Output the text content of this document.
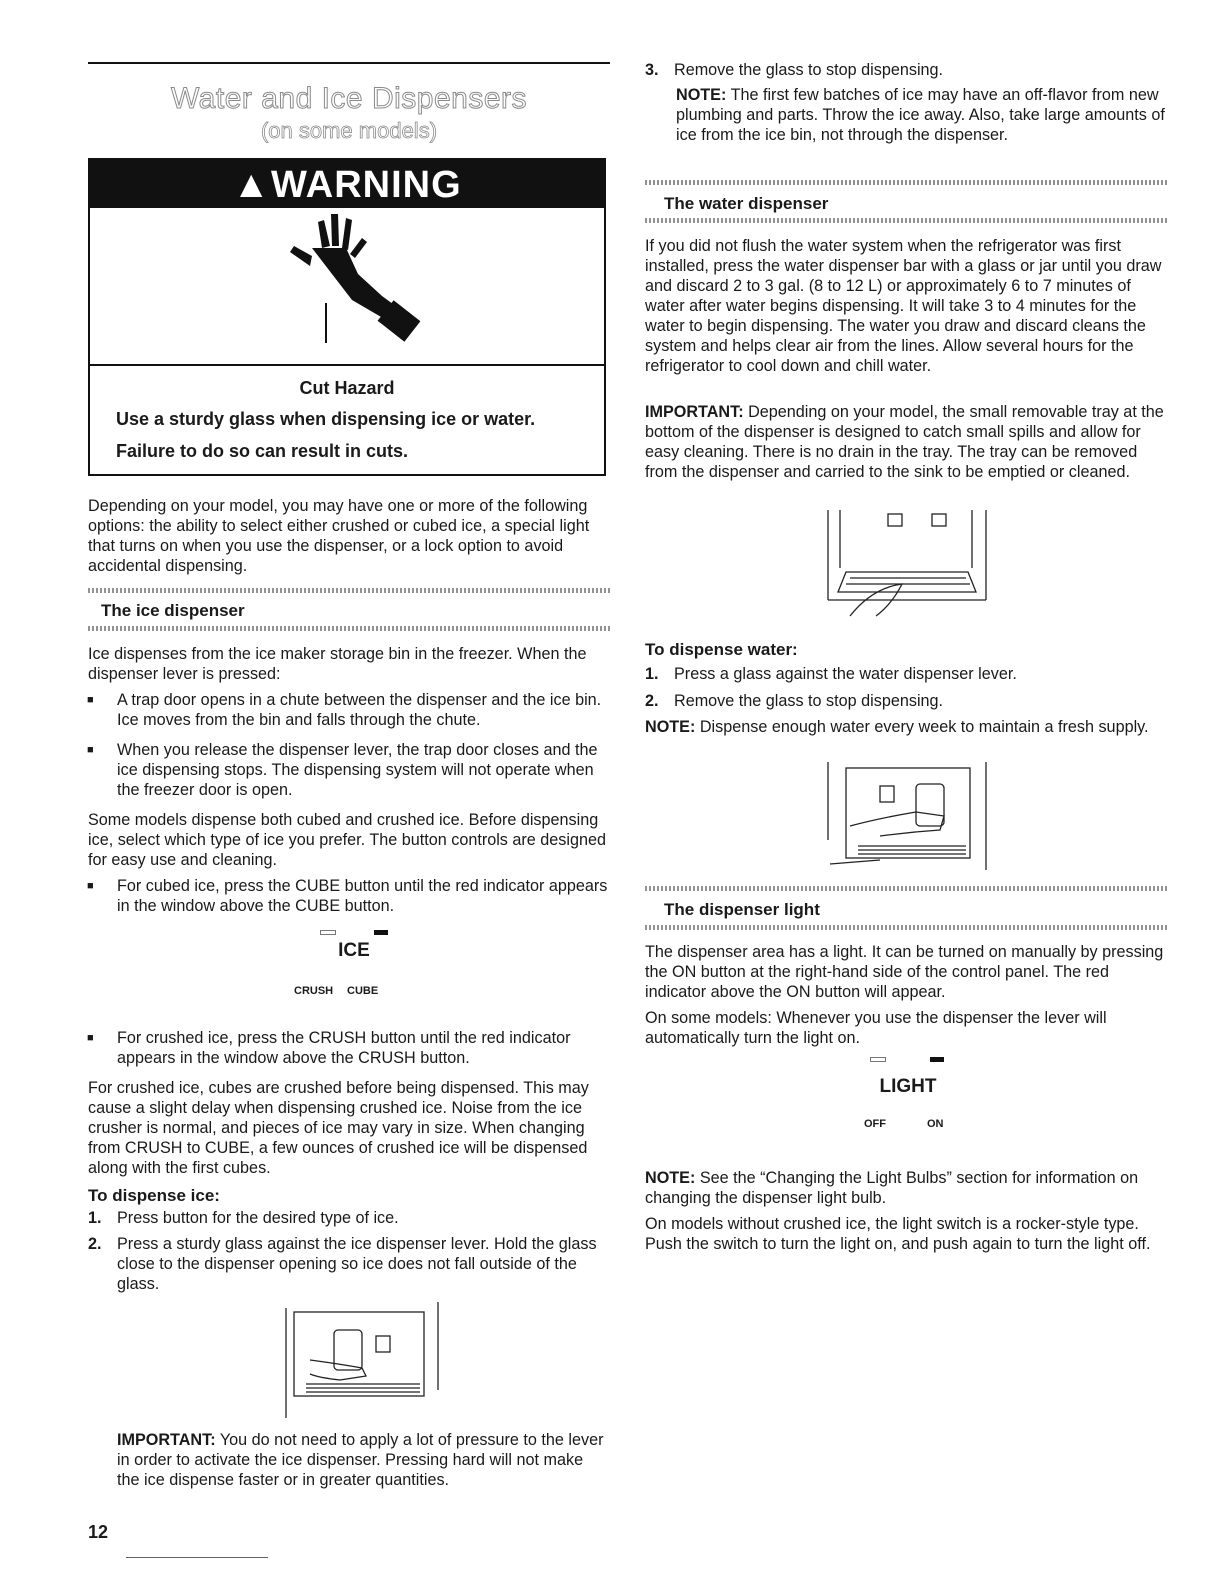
Water and Ice Dispensers
(on some models)
▲WARNING
Cut Hazard
Use a sturdy glass when dispensing ice or water.
Failure to do so can result in cuts.

Depending on your model, you may have one or more of the following options: the ability to select either crushed or cubed ice, a special light that turns on when you use the dispenser, or a lock option to avoid accidental dispensing.

The ice dispenser

Ice dispenses from the ice maker storage bin in the freezer. When the dispenser lever is pressed:

■ A trap door opens in a chute between the dispenser and the ice bin. Ice moves from the bin and falls through the chute.
■ When you release the dispenser lever, the trap door closes and the ice dispensing stops. The dispensing system will not operate when the freezer door is open.

Some models dispense both cubed and crushed ice. Before dispensing ice, select which type of ice you prefer. The button controls are designed for easy use and cleaning.

■ For cubed ice, press the CUBE button until the red indicator appears in the window above the CUBE button.
ICE
CRUSH CUBE
■ For crushed ice, press the CRUSH button until the red indicator appears in the window above the CRUSH button.

For crushed ice, cubes are crushed before being dispensed. This may cause a slight delay when dispensing crushed ice. Noise from the ice crusher is normal, and pieces of ice may vary in size. When changing from CRUSH to CUBE, a few ounces of crushed ice will be dispensed along with the first cubes.

To dispense ice:
1. Press button for the desired type of ice.
2. Press a sturdy glass against the ice dispenser lever. Hold the glass close to the dispenser opening so ice does not fall outside of the glass.

IMPORTANT: You do not need to apply a lot of pressure to the lever in order to activate the ice dispenser. Pressing hard will not make the ice dispense faster or in greater quantities.

3. Remove the glass to stop dispensing.

NOTE: The first few batches of ice may have an off-flavor from new plumbing and parts. Throw the ice away. Also, take large amounts of ice from the ice bin, not through the dispenser.

The water dispenser

If you did not flush the water system when the refrigerator was first installed, press the water dispenser bar with a glass or jar until you draw and discard 2 to 3 gal. (8 to 12 L) or approximately 6 to 7 minutes of water after water begins dispensing. It will take 3 to 4 minutes for the water to begin dispensing. The water you draw and discard cleans the system and helps clear air from the lines. Allow several hours for the refrigerator to cool down and chill water.

IMPORTANT: Depending on your model, the small removable tray at the bottom of the dispenser is designed to catch small spills and allow for easy cleaning. There is no drain in the tray. The tray can be removed from the dispenser and carried to the sink to be emptied or cleaned.

To dispense water:
1. Press a glass against the water dispenser lever.
2. Remove the glass to stop dispensing.

NOTE: Dispense enough water every week to maintain a fresh supply.

The dispenser light

The dispenser area has a light. It can be turned on manually by pressing the ON button at the right-hand side of the control panel. The red indicator above the ON button will appear.

On some models: Whenever you use the dispenser the lever will automatically turn the light on.

LIGHT
OFF	ON

NOTE: See the “Changing the Light Bulbs” section for information on changing the dispenser light bulb.

On models without crushed ice, the light switch is a rocker-style type. Push the switch to turn the light on, and push again to turn the light off.

12
